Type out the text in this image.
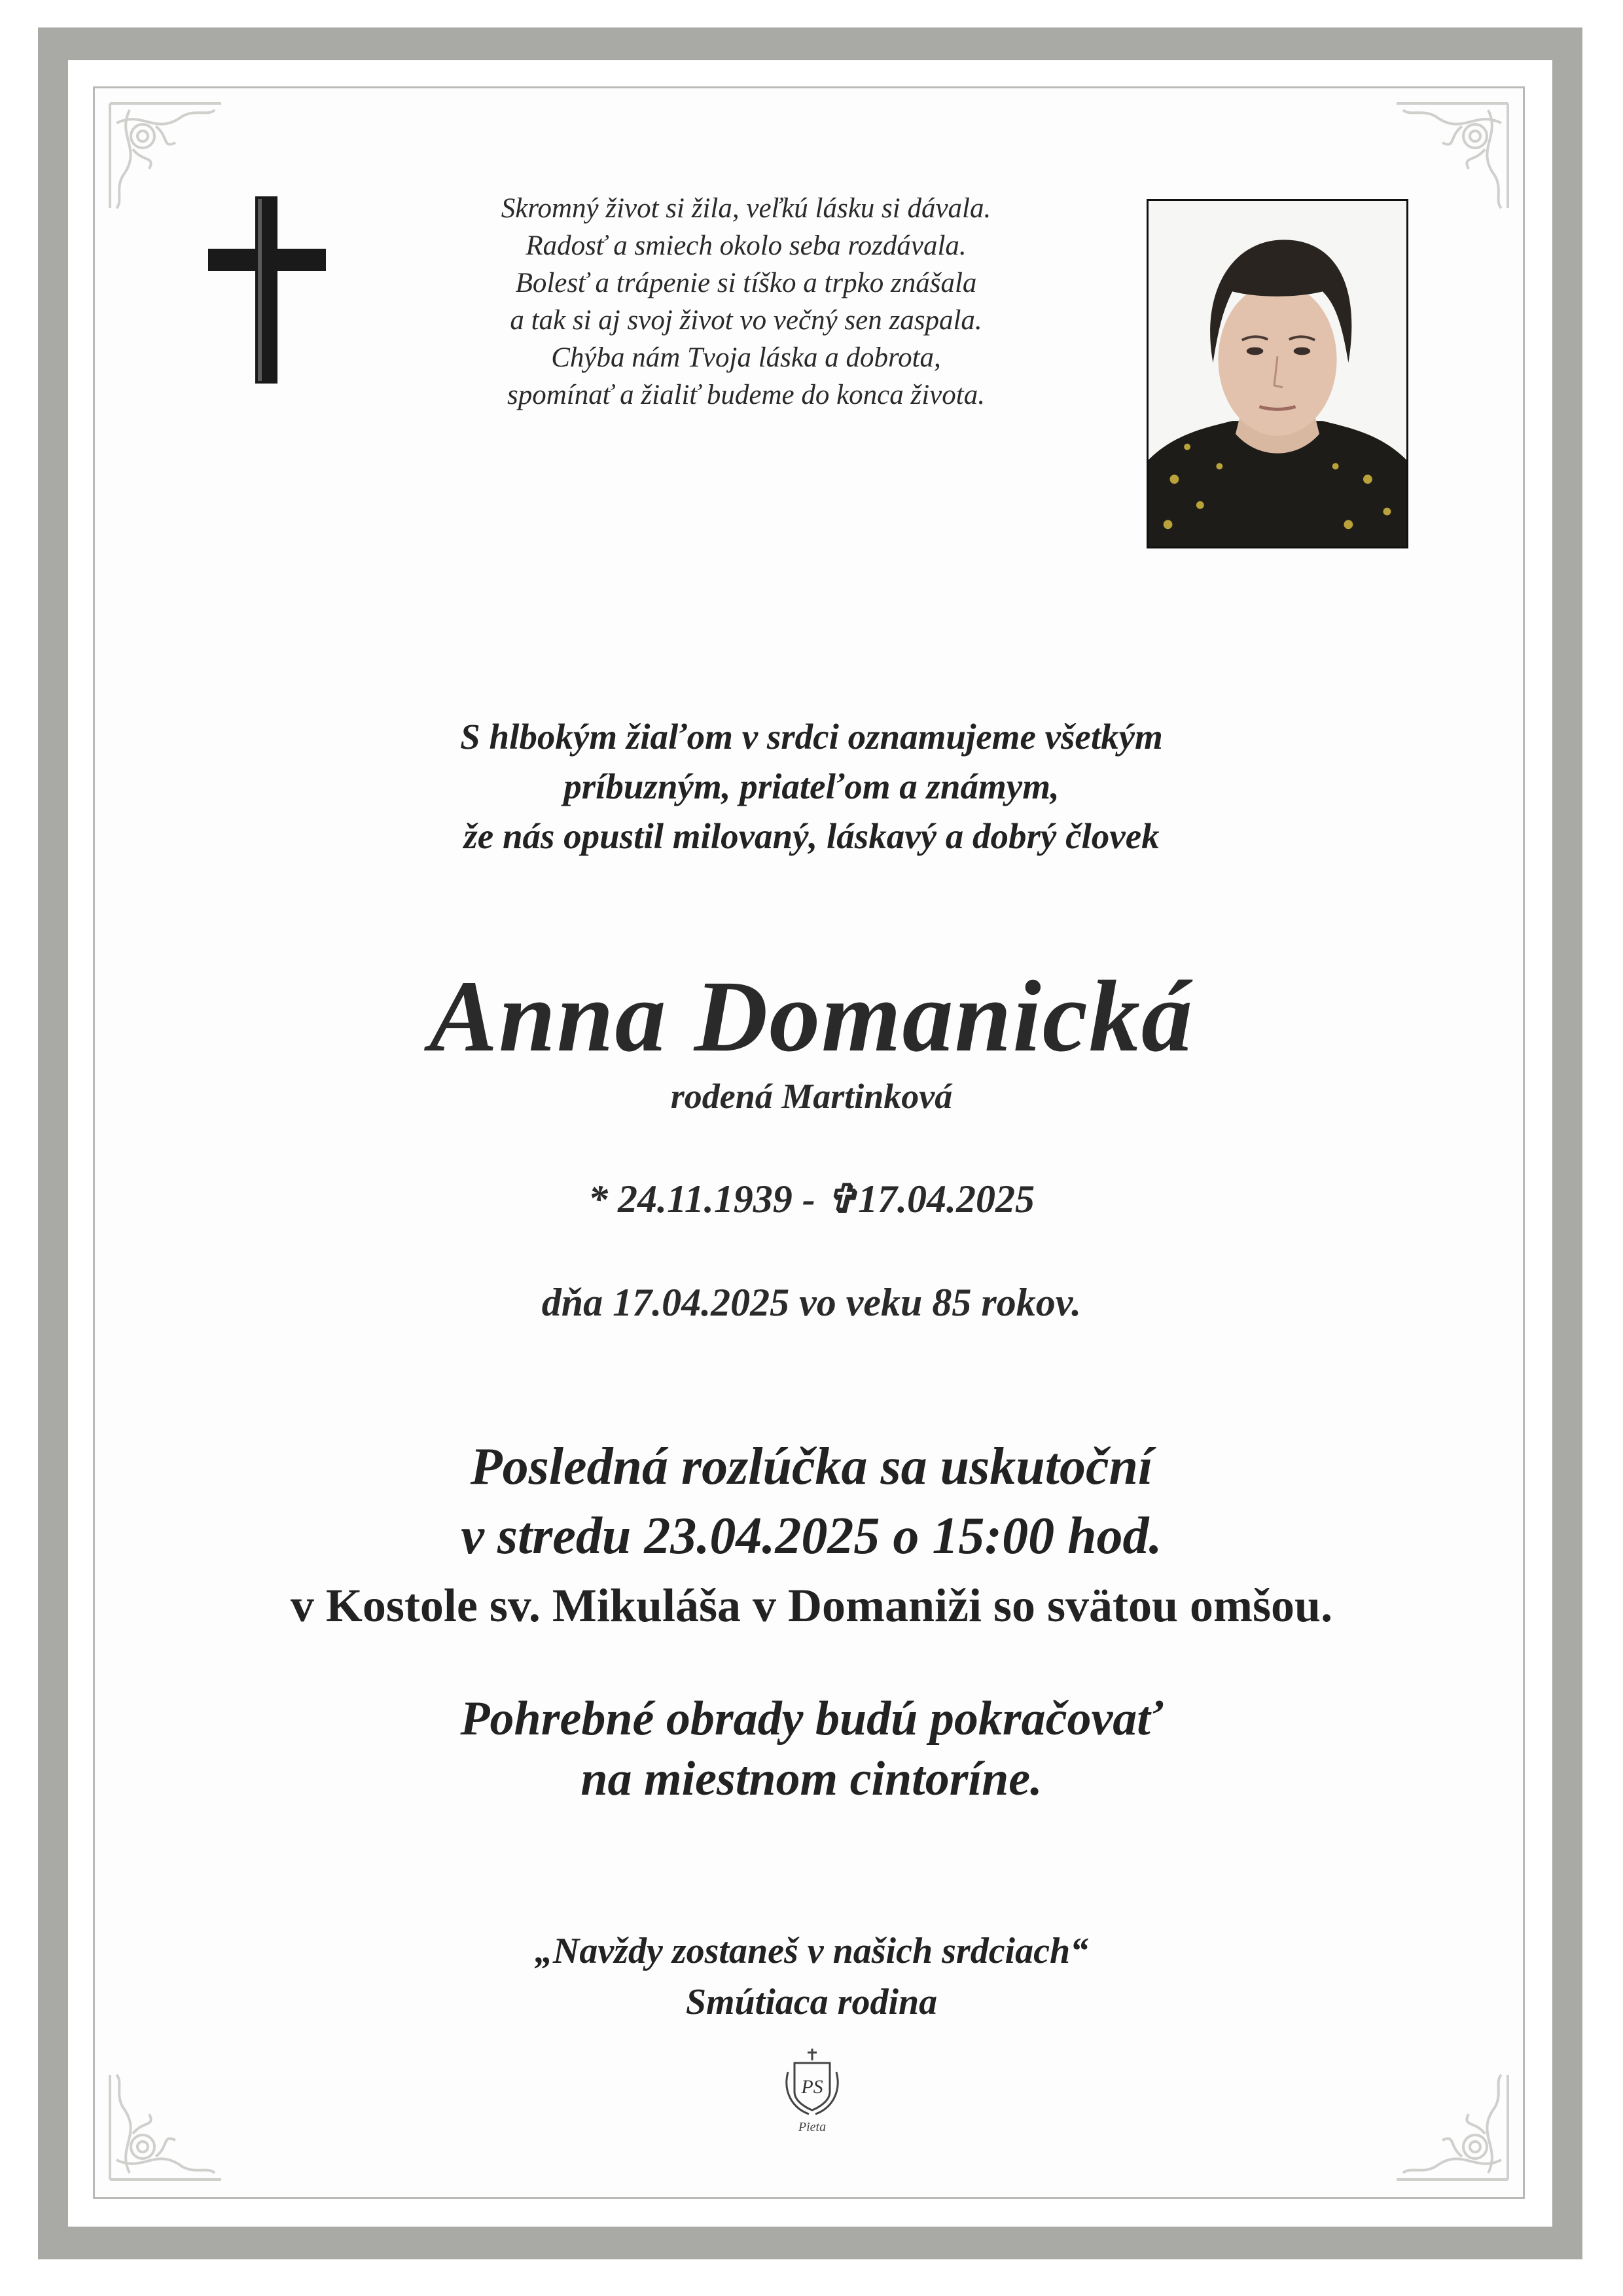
Skromný život si žila, veľkú lásku si dávala.
Radosť a smiech okolo seba rozdávala.
Bolesť a trápenie si tíško a trpko znášala
a tak si aj svoj život vo večný sen zaspala.
Chýba nám Tvoja láska a dobrota,
spomínať a žialiť budeme do konca života.
S hlbokým žiaľom v srdci oznamujeme všetkým
príbuzným, priateľom a známym,
že nás opustil milovaný, láskavý a dobrý človek
Anna Domanická
rodená Martinková
* 24.11.1939 - ✞17.04.2025
dňa 17.04.2025 vo veku 85 rokov.
Posledná rozlúčka sa uskutoční
v stredu 23.04.2025 o 15:00 hod.
v Kostole sv. Mikuláša v Domaniži so svätou omšou.
Pohrebné obrady budú pokračovať
na miestnom cintoríne.
„Navždy zostaneš v našich srdciach“
Smútiaca rodina
PS
Pieta
